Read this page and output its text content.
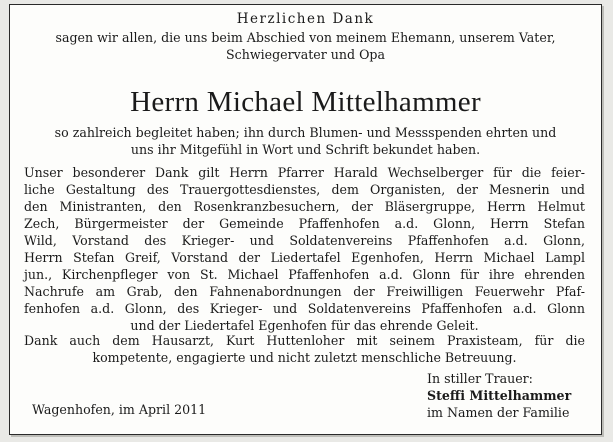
Herzlichen Dank
sagen wir allen, die uns beim Abschied von meinem Ehemann, unserem Vater,
Schwiegervater und Opa
Herrn Michael Mittelhammer
so zahlreich begleitet haben; ihn durch Blumen- und Messspenden ehrten und
uns ihr Mitgefühl in Wort und Schrift bekundet haben.
Unser besonderer Dank gilt Herrn Pfarrer Harald Wechselberger für die feier-
liche Gestaltung des Trauergottesdienstes, dem Organisten, der Mesnerin und
den Ministranten, den Rosenkranzbesuchern, der Bläsergruppe, Herrn Helmut
Zech, Bürgermeister der Gemeinde Pfaffenhofen a.d. Glonn, Herrn Stefan
Wild, Vorstand des Krieger- und Soldatenvereins Pfaffenhofen a.d. Glonn,
Herrn Stefan Greif, Vorstand der Liedertafel Egenhofen, Herrn Michael Lampl
jun., Kirchenpfleger von St. Michael Pfaffenhofen a.d. Glonn für ihre ehrenden
Nachrufe am Grab, den Fahnenabordnungen der Freiwilligen Feuerwehr Pfaf-
fenhofen a.d. Glonn, des Krieger- und Soldatenvereins Pfaffenhofen a.d. Glonn
und der Liedertafel Egenhofen für das ehrende Geleit.
Dank auch dem Hausarzt, Kurt Huttenloher mit seinem Praxisteam, für die
kompetente, engagierte und nicht zuletzt menschliche Betreuung.
In stiller Trauer:
Steffi Mittelhammer
im Namen der Familie
Wagenhofen, im April 2011
